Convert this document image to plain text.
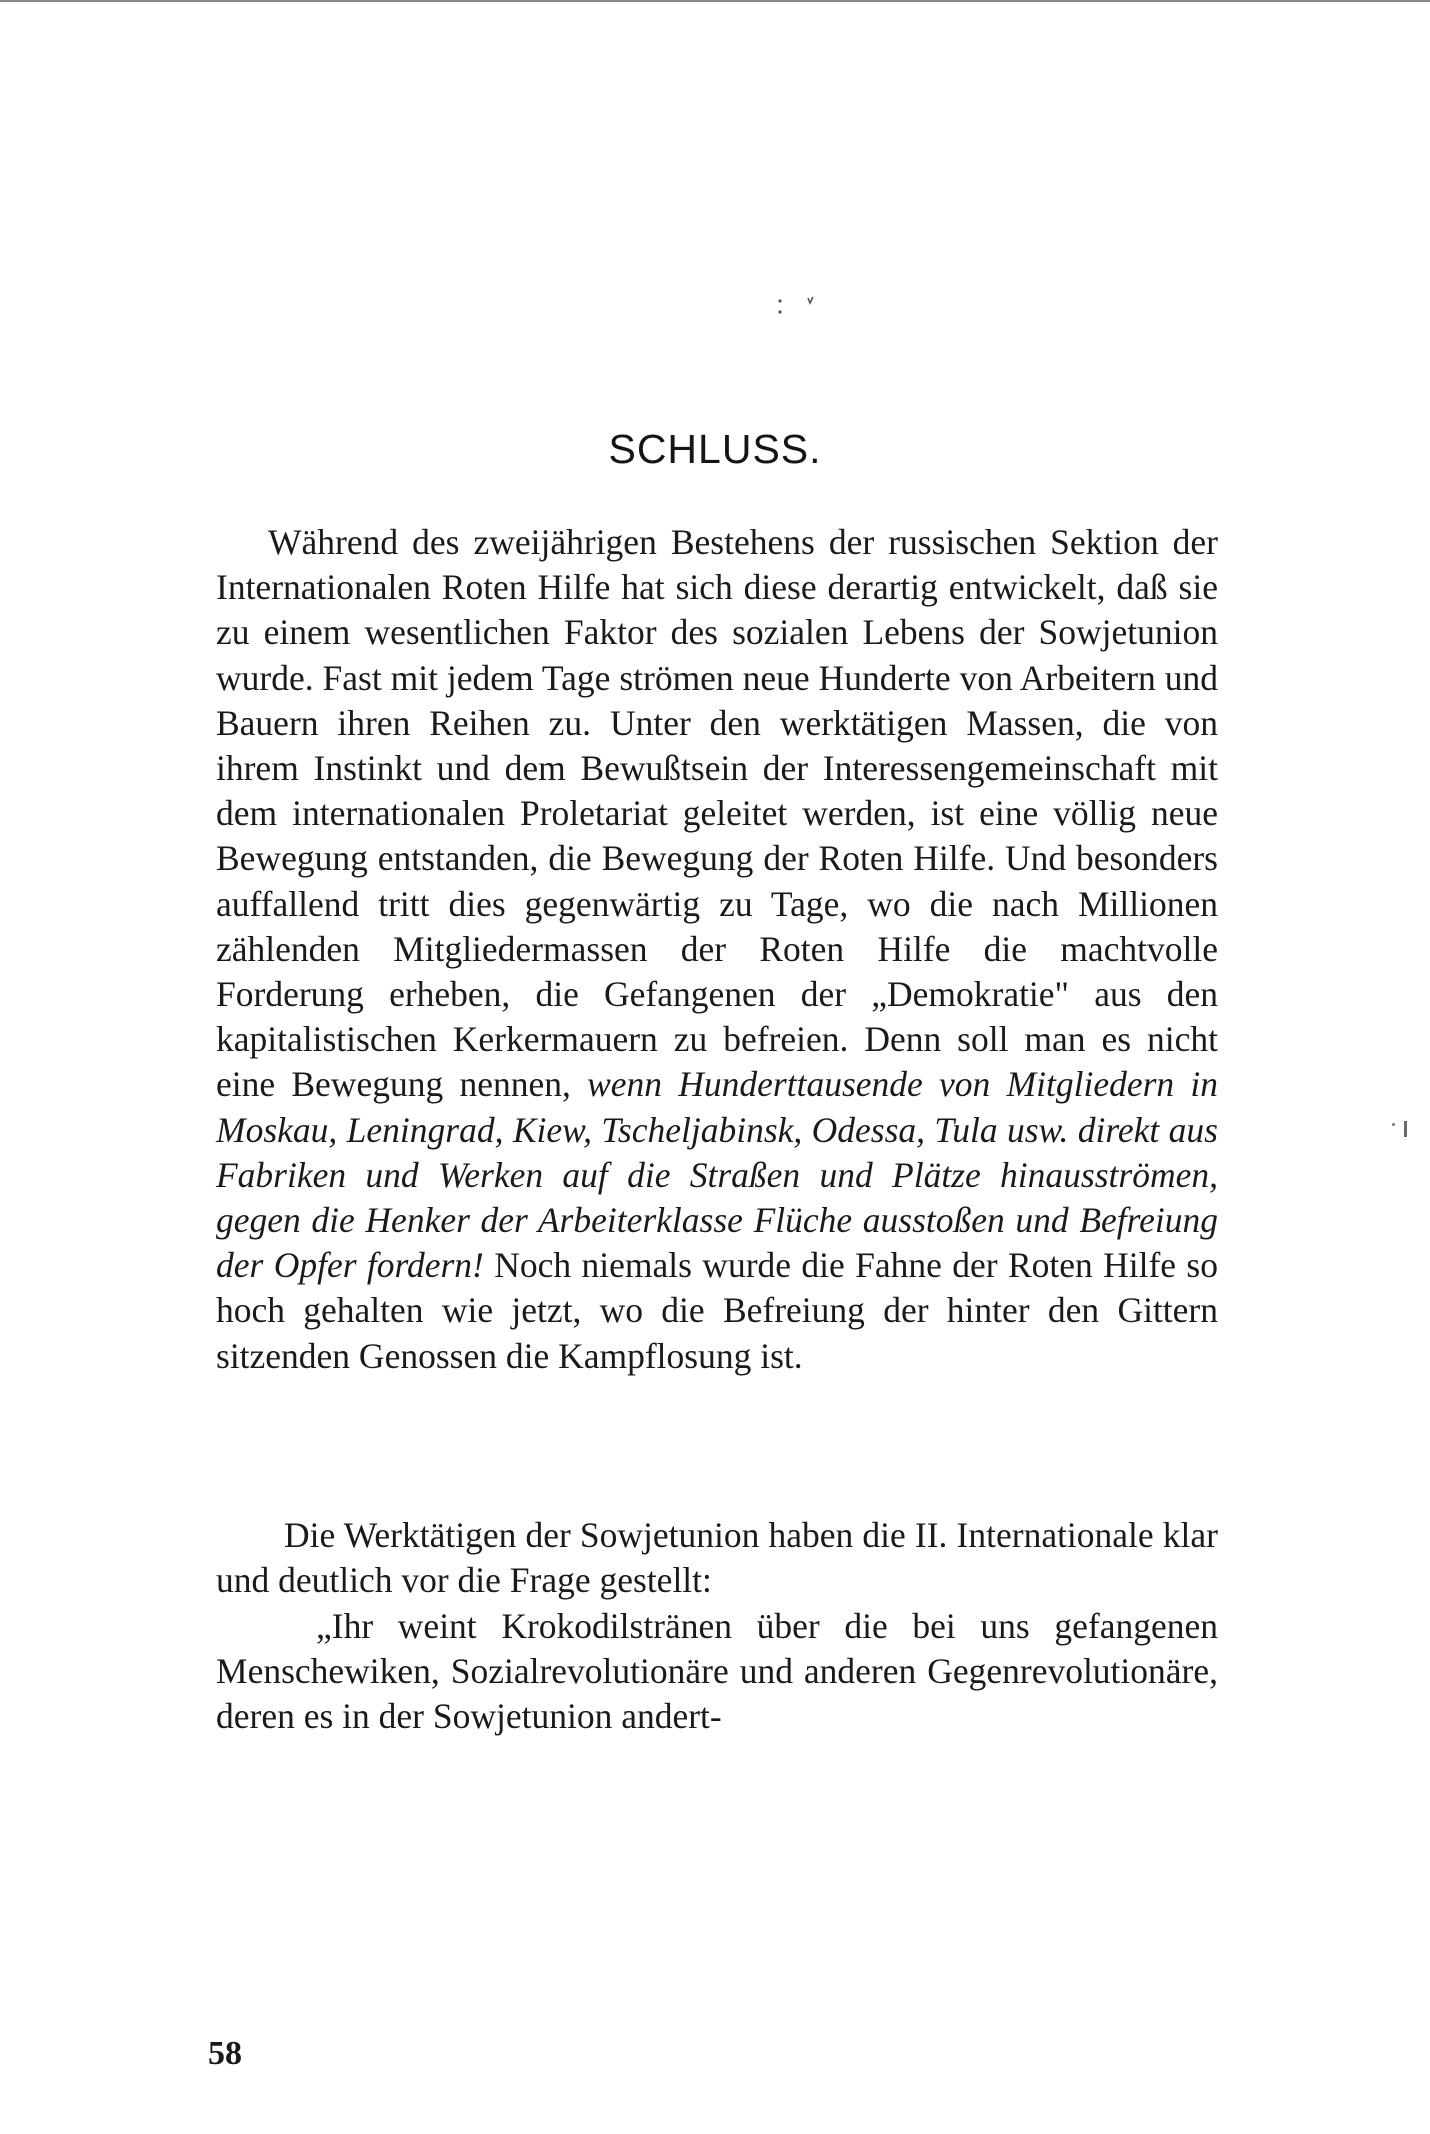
SCHLUSS.

Während des zweijährigen Bestehens der russischen Sektion der Internationalen Roten Hilfe hat sich diese derartig entwickelt, daß sie zu einem wesentlichen Faktor des sozialen Lebens der Sowjetunion wurde. Fast mit jedem Tage strömen neue Hunderte von Arbeitern und Bauern ihren Reihen zu. Unter den werktätigen Massen, die von ihrem Instinkt und dem Bewußtsein der Interessengemeinschaft mit dem internationalen Proletariat geleitet werden, ist eine völlig neue Bewegung entstanden, die Bewegung der Roten Hilfe. Und besonders auffallend tritt dies gegenwärtig zu Tage, wo die nach Millionen zählenden Mitgliedermassen der Roten Hilfe die machtvolle Forderung erheben, die Gefangenen der „Demokratie" aus den kapitalistischen Kerkermauern zu befreien. Denn soll man es nicht eine Bewegung nennen, wenn Hunderttausende von Mitgliedern in Moskau, Leningrad, Kiew, Tscheljabinsk, Odessa, Tula usw. direkt aus Fabriken und Werken auf die Straßen und Plätze hinausströmen, gegen die Henker der Arbeiterklasse Flüche ausstoßen und Befreiung der Opfer fordern! Noch niemals wurde die Fahne der Roten Hilfe so hoch gehalten wie jetzt, wo die Befreiung der hinter den Gittern sitzenden Genossen die Kampflosung ist.

Die Werktätigen der Sowjetunion haben die II. Internationale klar und deutlich vor die Frage gestellt:

„Ihr weint Krokodilstränen über die bei uns gefangenen Menschewiken, Sozialrevolutionäre und anderen Gegenrevolutionäre, deren es in der Sowjetunion andert-

58
